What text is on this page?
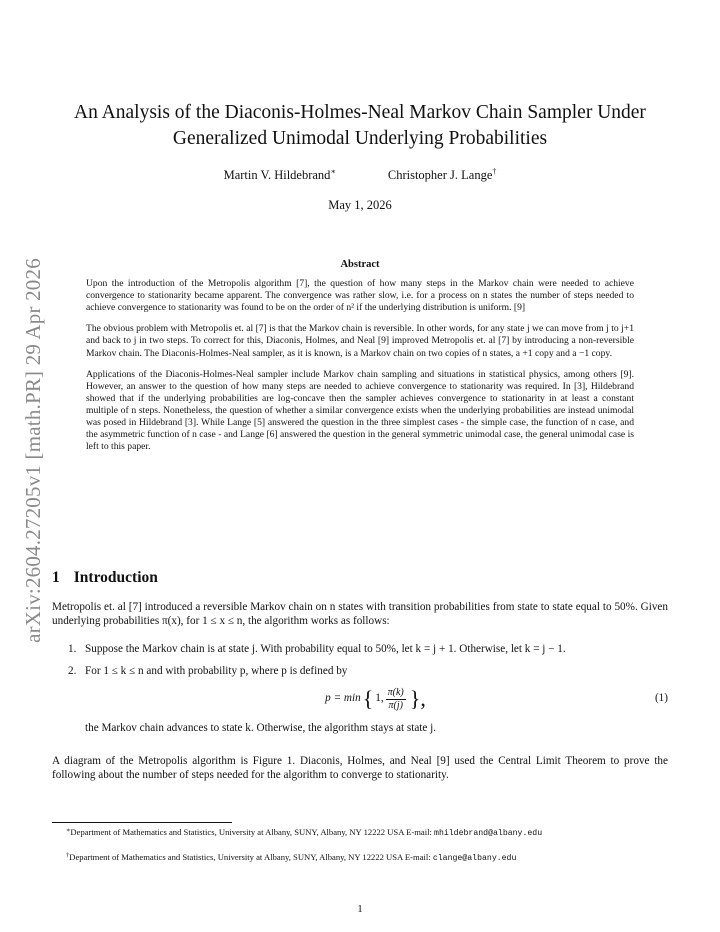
arXiv:2604.27205v1 [math.PR] 29 Apr 2026
An Analysis of the Diaconis-Holmes-Neal Markov Chain Sampler Under Generalized Unimodal Underlying Probabilities
Martin V. Hildebrand∗	Christopher J. Lange†
May 1, 2026
Abstract

Upon the introduction of the Metropolis algorithm [7], the question of how many steps in the Markov chain were needed to achieve convergence to stationarity became apparent. The convergence was rather slow, i.e. for a process on n states the number of steps needed to achieve convergence to stationarity was found to be on the order of n² if the underlying distribution is uniform. [9]

The obvious problem with Metropolis et. al [7] is that the Markov chain is reversible. In other words, for any state j we can move from j to j+1 and back to j in two steps. To correct for this, Diaconis, Holmes, and Neal [9] improved Metropolis et. al [7] by introducing a non-reversible Markov chain. The Diaconis-Holmes-Neal sampler, as it is known, is a Markov chain on two copies of n states, a +1 copy and a −1 copy.

Applications of the Diaconis-Holmes-Neal sampler include Markov chain sampling and situations in statistical physics, among others [9]. However, an answer to the question of how many steps are needed to achieve convergence to stationarity was required. In [3], Hildebrand showed that if the underlying probabilities are log-concave then the sampler achieves convergence to stationarity in at least a constant multiple of n steps. Nonetheless, the question of whether a similar convergence exists when the underlying probabilities are instead unimodal was posed in Hildebrand [3]. While Lange [5] answered the question in the three simplest cases - the simple case, the function of n case, and the asymmetric function of n case - and Lange [6] answered the question in the general symmetric unimodal case, the general unimodal case is left to this paper.

1 Introduction

Metropolis et. al [7] introduced a reversible Markov chain on n states with transition probabilities from state to state equal to 50%. Given underlying probabilities π(x), for 1 ≤ x ≤ n, the algorithm works as follows:

1. Suppose the Markov chain is at state j. With probability equal to 50%, let k = j + 1. Otherwise, let k = j − 1.
2. For 1 ≤ k ≤ n and with probability p, where p is defined by
p = min { 1, $\frac{\pi(k)}{\pi(j)}$ },	(1)
the Markov chain advances to state k. Otherwise, the algorithm stays at state j.

A diagram of the Metropolis algorithm is Figure 1. Diaconis, Holmes, and Neal [9] used the Central Limit Theorem to prove the following about the number of steps needed for the algorithm to converge to stationarity.

∗Department of Mathematics and Statistics, University at Albany, SUNY, Albany, NY 12222 USA E-mail: mhildebrand@albany.edu

†Department of Mathematics and Statistics, University at Albany, SUNY, Albany, NY 12222 USA E-mail: clange@albany.edu

1
